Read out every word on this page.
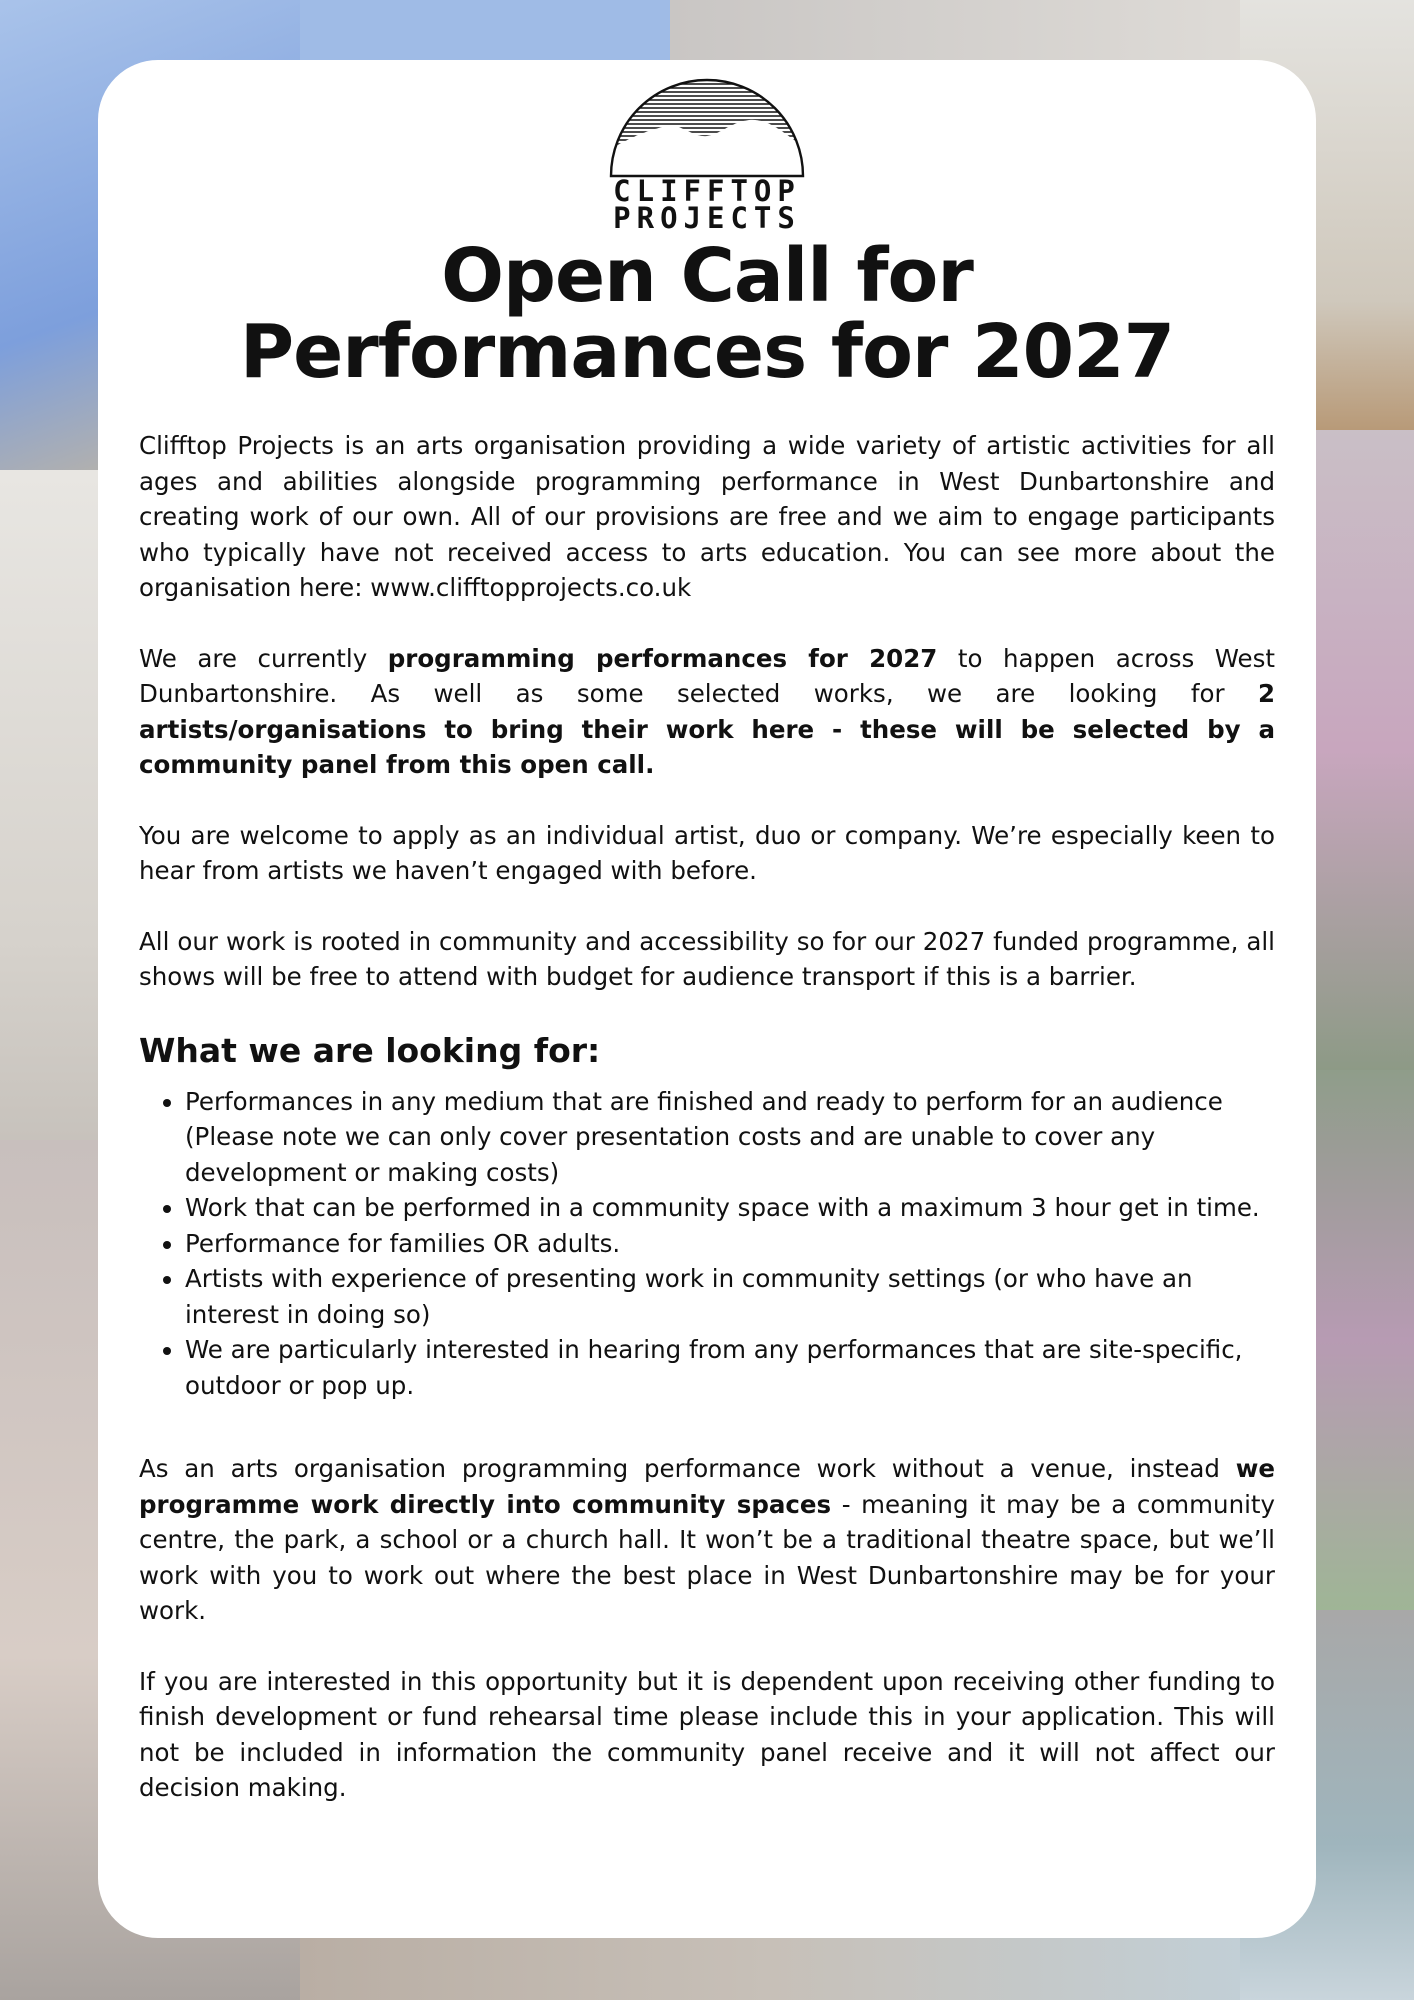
CLIFFTOP
PROJECTS
Open Call for
Performances for 2027

Clifftop Projects is an arts organisation providing a wide variety of artistic activities for all ages and abilities alongside programming performance in West Dunbartonshire and creating work of our own. All of our provisions are free and we aim to engage participants who typically have not received access to arts education. You can see more about the organisation here: www.clifftopprojects.co.uk

We are currently programming performances for 2027 to happen across West Dunbartonshire. As well as some selected works, we are looking for 2 artists/organisations to bring their work here - these will be selected by a community panel from this open call.

You are welcome to apply as an individual artist, duo or company. We’re especially keen to hear from artists we haven’t engaged with before.

All our work is rooted in community and accessibility so for our 2027 funded programme, all shows will be free to attend with budget for audience transport if this is a barrier.

What we are looking for:
• Performances in any medium that are finished and ready to perform for an audience (Please note we can only cover presentation costs and are unable to cover any development or making costs)
• Work that can be performed in a community space with a maximum 3 hour get in time.
• Performance for families OR adults.
• Artists with experience of presenting work in community settings (or who have an interest in doing so)
• We are particularly interested in hearing from any performances that are site-specific, outdoor or pop up.

As an arts organisation programming performance work without a venue, instead we programme work directly into community spaces - meaning it may be a community centre, the park, a school or a church hall. It won’t be a traditional theatre space, but we’ll work with you to work out where the best place in West Dunbartonshire may be for your work.

If you are interested in this opportunity but it is dependent upon receiving other funding to finish development or fund rehearsal time please include this in your application. This will not be included in information the community panel receive and it will not affect our decision making.
